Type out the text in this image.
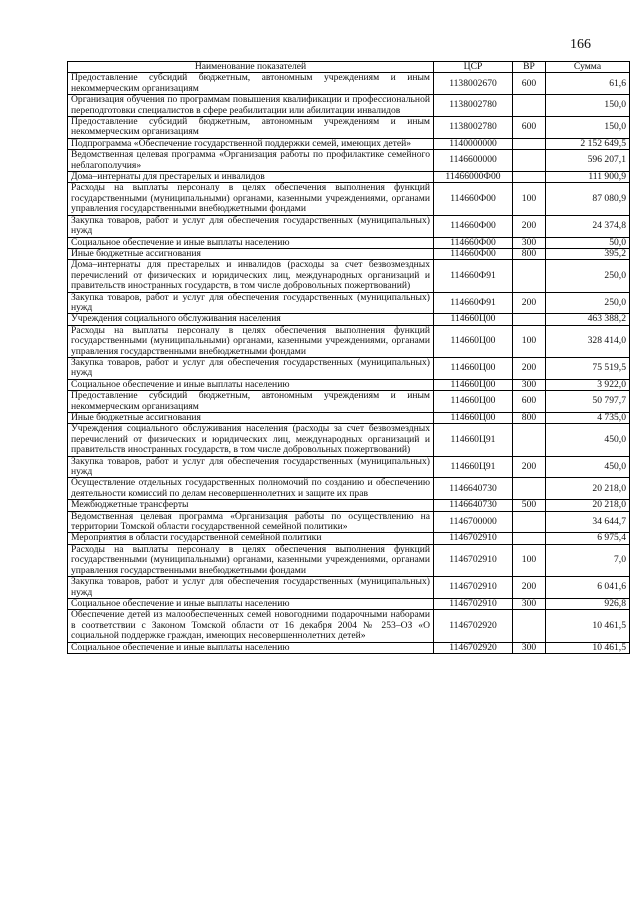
166
Наименование показателей	ЦСР	ВР	Сумма
Предоставление субсидий бюджетным, автономным учреждениям и иным некоммерческим организациям	1138002670	600	61,6
Организация обучения по программам повышения квалификации и профессиональной переподготовки специалистов в сфере реабилитации или абилитации инвалидов	1138002780		150,0
Предоставление субсидий бюджетным, автономным учреждениям и иным некоммерческим организациям	1138002780	600	150,0
Подпрограмма «Обеспечение государственной поддержки семей, имеющих детей»	1140000000		2 152 649,5
Ведомственная целевая программа «Организация работы по профилактике семейного неблагополучия»	1146600000		596 207,1
Дома–интернаты для престарелых и инвалидов	11466000Ф00		111 900,9
Расходы на выплаты персоналу в целях обеспечения выполнения функций государственными (муниципальными) органами, казенными учреждениями, органами управления государственными внебюджетными фондами	114660Ф00	100	87 080,9
Закупка товаров, работ и услуг для обеспечения государственных (муниципальных) нужд	114660Ф00	200	24 374,8
Социальное обеспечение и иные выплаты населению	114660Ф00	300	50,0
Иные бюджетные ассигнования	114660Ф00	800	395,2
Дома–интернаты для престарелых и инвалидов (расходы за счет безвозмездных перечислений от физических и юридических лиц, международных организаций и правительств иностранных государств, в том числе добровольных пожертвований)	114660Ф91		250,0
Закупка товаров, работ и услуг для обеспечения государственных (муниципальных) нужд	114660Ф91	200	250,0
Учреждения социального обслуживания населения	114660Ц00		463 388,2
Расходы на выплаты персоналу в целях обеспечения выполнения функций государственными (муниципальными) органами, казенными учреждениями, органами управления государственными внебюджетными фондами	114660Ц00	100	328 414,0
Закупка товаров, работ и услуг для обеспечения государственных (муниципальных) нужд	114660Ц00	200	75 519,5
Социальное обеспечение и иные выплаты населению	114660Ц00	300	3 922,0
Предоставление субсидий бюджетным, автономным учреждениям и иным некоммерческим организациям	114660Ц00	600	50 797,7
Иные бюджетные ассигнования	114660Ц00	800	4 735,0
Учреждения социального обслуживания населения (расходы за счет безвозмездных перечислений от физических и юридических лиц, международных организаций и правительств иностранных государств, в том числе добровольных пожертвований)	114660Ц91		450,0
Закупка товаров, работ и услуг для обеспечения государственных (муниципальных) нужд	114660Ц91	200	450,0
Осуществление отдельных государственных полномочий по созданию и обеспечению деятельности комиссий по делам несовершеннолетних и защите их прав	1146640730		20 218,0
Межбюджетные трансферты	1146640730	500	20 218,0
Ведомственная целевая программа «Организация работы по осуществлению на территории Томской области государственной семейной политики»	1146700000		34 644,7
Мероприятия в области государственной семейной политики	1146702910		6 975,4
Расходы на выплаты персоналу в целях обеспечения выполнения функций государственными (муниципальными) органами, казенными учреждениями, органами управления государственными внебюджетными фондами	1146702910	100	7,0
Закупка товаров, работ и услуг для обеспечения государственных (муниципальных) нужд	1146702910	200	6 041,6
Социальное обеспечение и иные выплаты населению	1146702910	300	926,8
Обеспечение детей из малообеспеченных семей новогодними подарочными наборами в соответствии с Законом Томской области от 16 декабря 2004 № 253–ОЗ «О социальной поддержке граждан, имеющих несовершеннолетних детей»	1146702920		10 461,5
Социальное обеспечение и иные выплаты населению	1146702920	300	10 461,5
